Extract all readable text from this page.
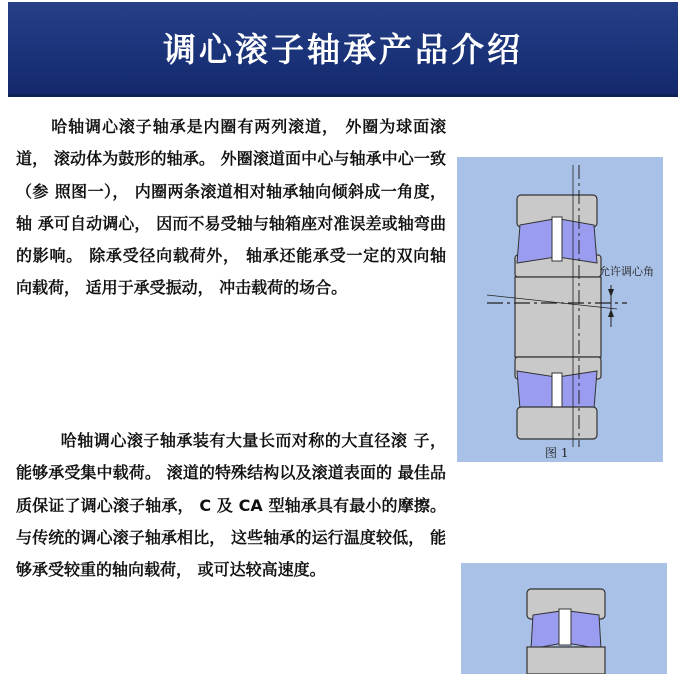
调心滚子轴承产品介绍

哈轴调心滚子轴承是内圈有两列滚道， 外圈为球面滚道， 滚动体为鼓形的轴承。 外圈滚道面中心与轴承中心一致 （参 照图一）， 内圈两条滚道相对轴承轴向倾斜成一角度， 轴 承可自动调心， 因而不易受轴与轴箱座对准误差或轴弯曲 的影响。 除承受径向载荷外， 轴承还能承受一定的双向轴 向载荷， 适用于承受振动， 冲击载荷的场合。

哈轴调心滚子轴承装有大量长而对称的大直径滚 子， 能够承受集中载荷。 滚道的特殊结构以及滚道表面的 最佳品质保证了调心滚子轴承， C 及 CA 型轴承具有最小的摩擦。 与传统的调心滚子轴承相比， 这些轴承的运行温度较低， 能够承受较重的轴向载荷， 或可达较高速度。

允许调心角
图 1
